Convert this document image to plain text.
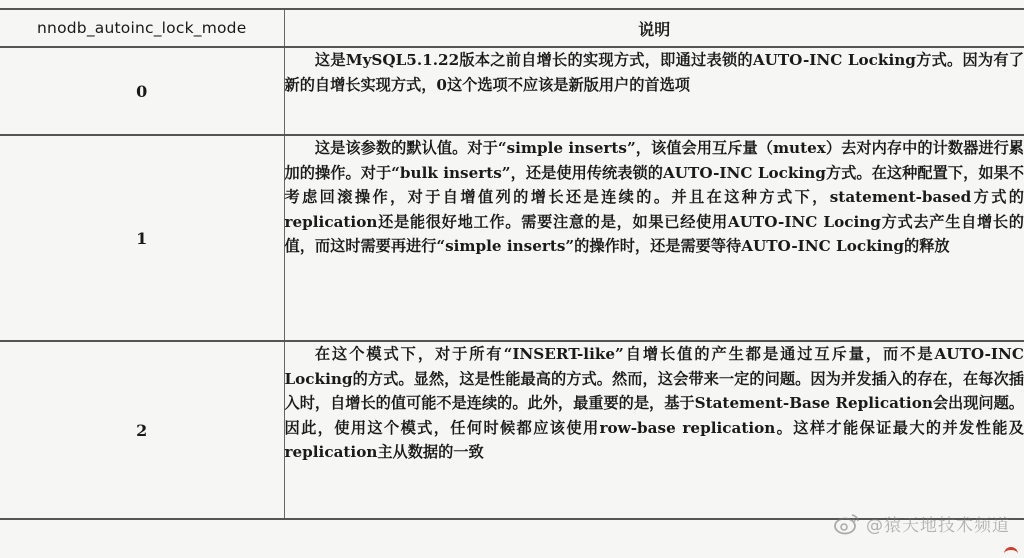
nnodb_autoinc_lock_mode	说明
0	这是MySQL5.1.22版本之前自增长的实现方式，即通过表锁的AUTO-INC Locking方式。因为有了新的自增长实现方式，0这个选项不应该是新版用户的首选项

1	这是该参数的默认值。对于“simple inserts”，该值会用互斥量（mutex）去对内存中的计数器进行累加的操作。对于“bulk inserts”，还是使用传统表锁的AUTO-INC Locking方式。在这种配置下，如果不考虑回滚操作，对于自增值列的增长还是连续的。并且在这种方式下，statement-based方式的replication还是能很好地工作。需要注意的是，如果已经使用AUTO-INC Locing方式去产生自增长的值，而这时需要再进行“simple inserts”的操作时，还是需要等待AUTO-INC Locking的释放

2	在这个模式下，对于所有“INSERT-like”自增长值的产生都是通过互斥量，而不是AUTO-INC Locking的方式。显然，这是性能最高的方式。然而，这会带来一定的问题。因为并发插入的存在，在每次插入时，自增长的值可能不是连续的。此外，最重要的是，基于Statement-Base Replication会出现问题。因此，使用这个模式，任何时候都应该使用row-base replication。这样才能保证最大的并发性能及replication主从数据的一致
@猿天地技术频道
